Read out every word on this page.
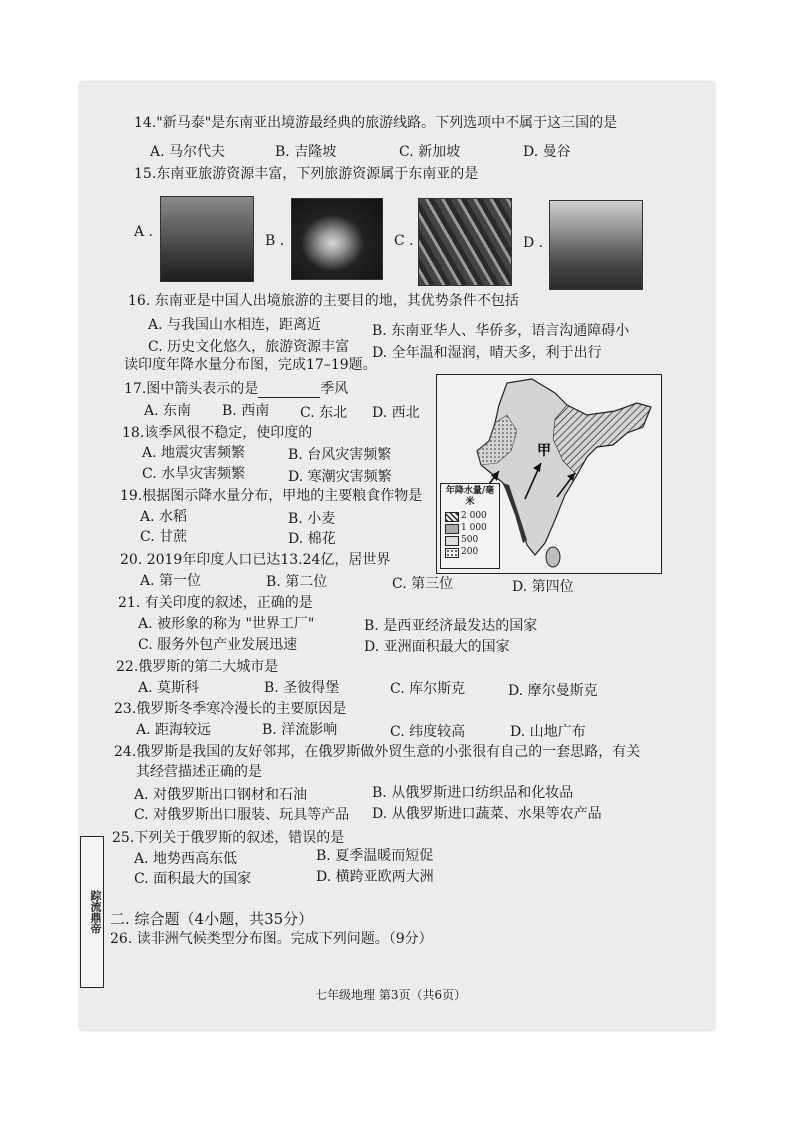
14."新马泰"是东南亚出境游最经典的旅游线路。下列选项中不属于这三国的是
A. 马尔代夫	B. 吉隆坡	C. 新加坡	D. 曼谷
15.东南亚旅游资源丰富，下列旅游资源属于东南亚的是
A .
B .	C .	D .
16. 东南亚是中国人出境旅游的主要目的地，其优势条件不包括
A. 与我国山水相连，距离近	B. 东南亚华人、华侨多，语言沟通障碍小
C. 历史文化悠久，旅游资源丰富 D. 全年温和湿润，晴天多，利于出行
读印度年降水量分布图，完成17–19题。
17.图中箭头表示的是	季风
A. 东南 B. 西南 C. 东北 D. 西北
18.该季风很不稳定，使印度的
A. 地震灾害频繁	B. 台风灾害频繁
C. 水旱灾害频繁	D. 寒潮灾害频繁
19.根据图示降水量分布，甲地的主要粮食作物是
A. 水稻	B. 小麦
C. 甘蔗	D. 棉花
20. 2019年印度人口已达13.24亿，居世界
A. 第一位	B. 第二位	C. 第三位	D. 第四位
21. 有关印度的叙述，正确的是
A. 被形象的称为 "世界工厂"	B. 是西亚经济最发达的国家
C. 服务外包产业发展迅速	D. 亚洲面积最大的国家
22.俄罗斯的第二大城市是
A. 莫斯科	B. 圣彼得堡	C. 库尔斯克	D. 摩尔曼斯克
23.俄罗斯冬季寒冷漫长的主要原因是
A. 距海较远	B. 洋流影响	C. 纬度较高	D. 山地广布
24.俄罗斯是我国的友好邻邦，在俄罗斯做外贸生意的小张很有自己的一套思路，有关
其经营描述正确的是
A. 对俄罗斯出口钢材和石油	B. 从俄罗斯进口纺织品和化妆品
C. 对俄罗斯出口服装、玩具等产品 D. 从俄罗斯进口蔬菜、水果等农产品
25.下列关于俄罗斯的叙述，错误的是
A. 地势西高东低	B. 夏季温暖而短促
C. 面积最大的国家	D. 横跨亚欧两大洲
二. 综合题（4小题，共35分）
26. 读非洲气候类型分布图。完成下列问题。（9分）
踪流鼎帝
甲
年降水量/毫米
2 000
1 000
500
200
七年级地理 第3页（共6页）
